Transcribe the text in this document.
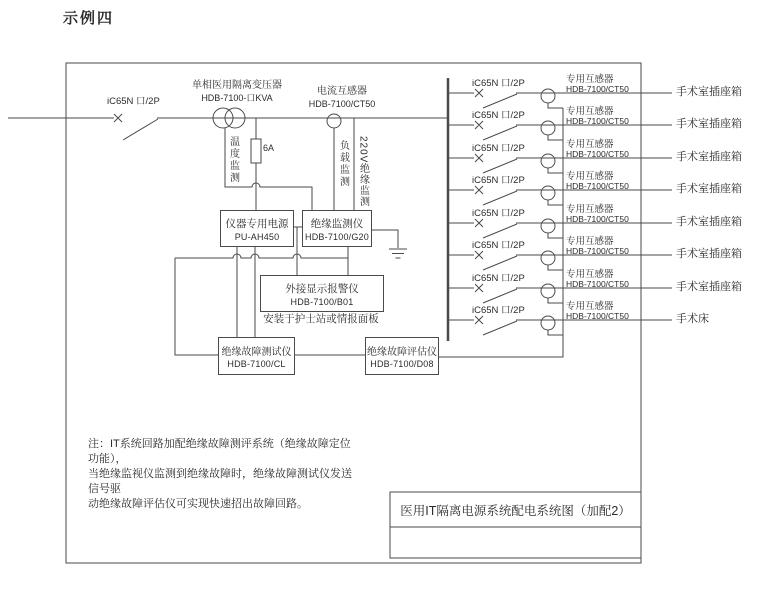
示例四
iC65N 口/2P
单相医用隔离变压器
HDB-7100-口KVA
电流互感器
HDB-7100/CT50
6A
温度监测	负载监测 220V绝缘监测
仪器专用电源
PU-AH450
绝缘监测仪
HDB-7100/G20
外接显示报警仪
HDB-7100/B01
安装于护士站或情报面板
绝缘故障测试仪
HDB-7100/CL
绝缘故障评估仪
HDB-7100/D08
iC65N 口/2P	专用互感器
HDB-7100/CT50	手术室插座箱
iC65N 口/2P	专用互感器
HDB-7100/CT50	手术室插座箱
iC65N 口/2P	专用互感器
HDB-7100/CT50	手术室插座箱
iC65N 口/2P	专用互感器
HDB-7100/CT50	手术室插座箱
iC65N 口/2P	专用互感器
HDB-7100/CT50	手术室插座箱
iC65N 口/2P	专用互感器
HDB-7100/CT50	手术室插座箱
iC65N 口/2P	专用互感器
HDB-7100/CT50	手术室插座箱
iC65N 口/2P	专用互感器
HDB-7100/CT50	手术床
注：IT系统回路加配绝缘故障测评系统（绝缘故障定位功能），
当绝缘监视仪监测到绝缘故障时，绝缘故障测试仪发送信号驱
动绝缘故障评估仪可实现快速招出故障回路。	医用IT隔离电源系统配电系统图（加配2）
